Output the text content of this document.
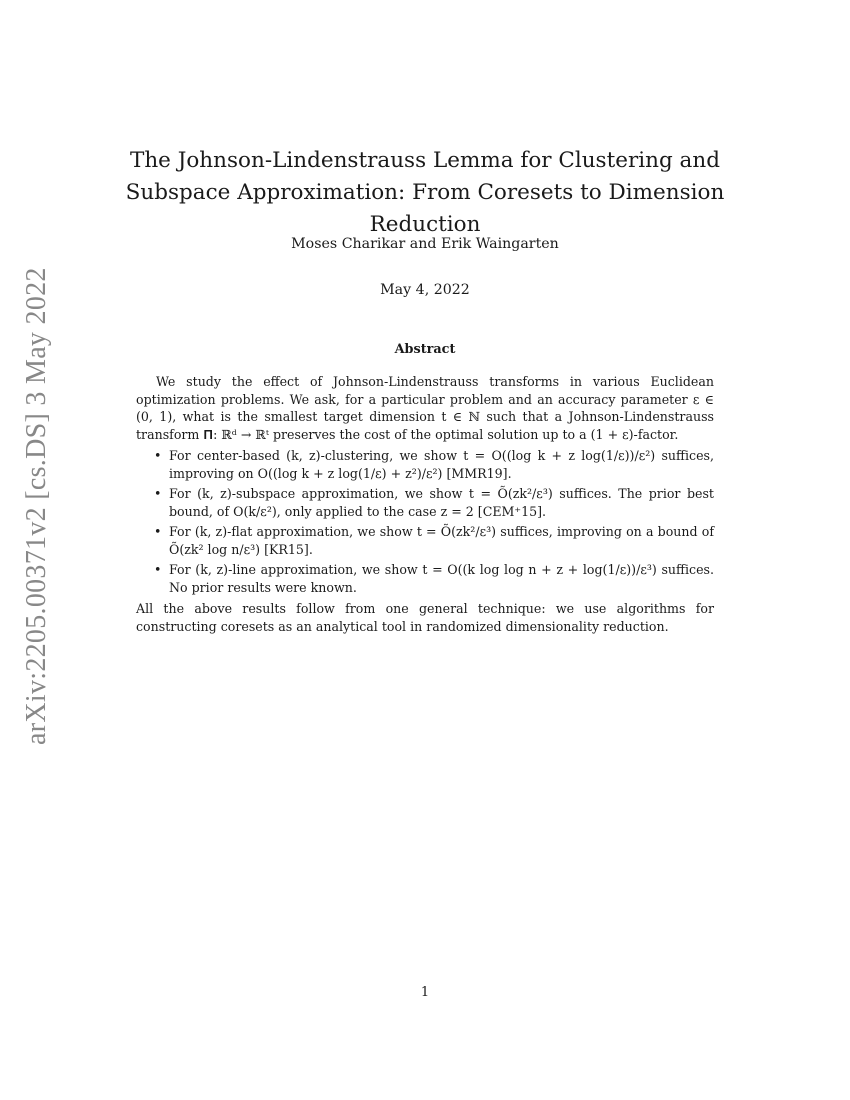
arXiv:2205.00371v2 [cs.DS] 3 May 2022
The Johnson-Lindenstrauss Lemma for Clustering and Subspace Approximation: From Coresets to Dimension Reduction
Moses Charikar and Erik Waingarten
May 4, 2022
Abstract

We study the effect of Johnson-Lindenstrauss transforms in various Euclidean optimization problems. We ask, for a particular problem and an accuracy parameter ε ∈ (0, 1), what is the smallest target dimension t ∈ ℕ such that a Johnson-Lindenstrauss transform 𝚷: ℝᵈ → ℝᵗ preserves the cost of the optimal solution up to a (1 + ε)-factor.

• For center-based (k, z)-clustering, we show t = O((log k + z log(1/ε))/ε²) suffices, improving on O((log k + z log(1/ε) + z²)/ε²) [MMR19].
• For (k, z)-subspace approximation, we show t = Õ(zk²/ε³) suffices. The prior best bound, of O(k/ε²), only applied to the case z = 2 [CEM⁺15].
• For (k, z)-flat approximation, we show t = Õ(zk²/ε³) suffices, improving on a bound of Õ(zk² log n/ε³) [KR15].
• For (k, z)-line approximation, we show t = O((k log log n + z + log(1/ε))/ε³) suffices. No prior results were known.

All the above results follow from one general technique: we use algorithms for constructing coresets as an analytical tool in randomized dimensionality reduction.

1
